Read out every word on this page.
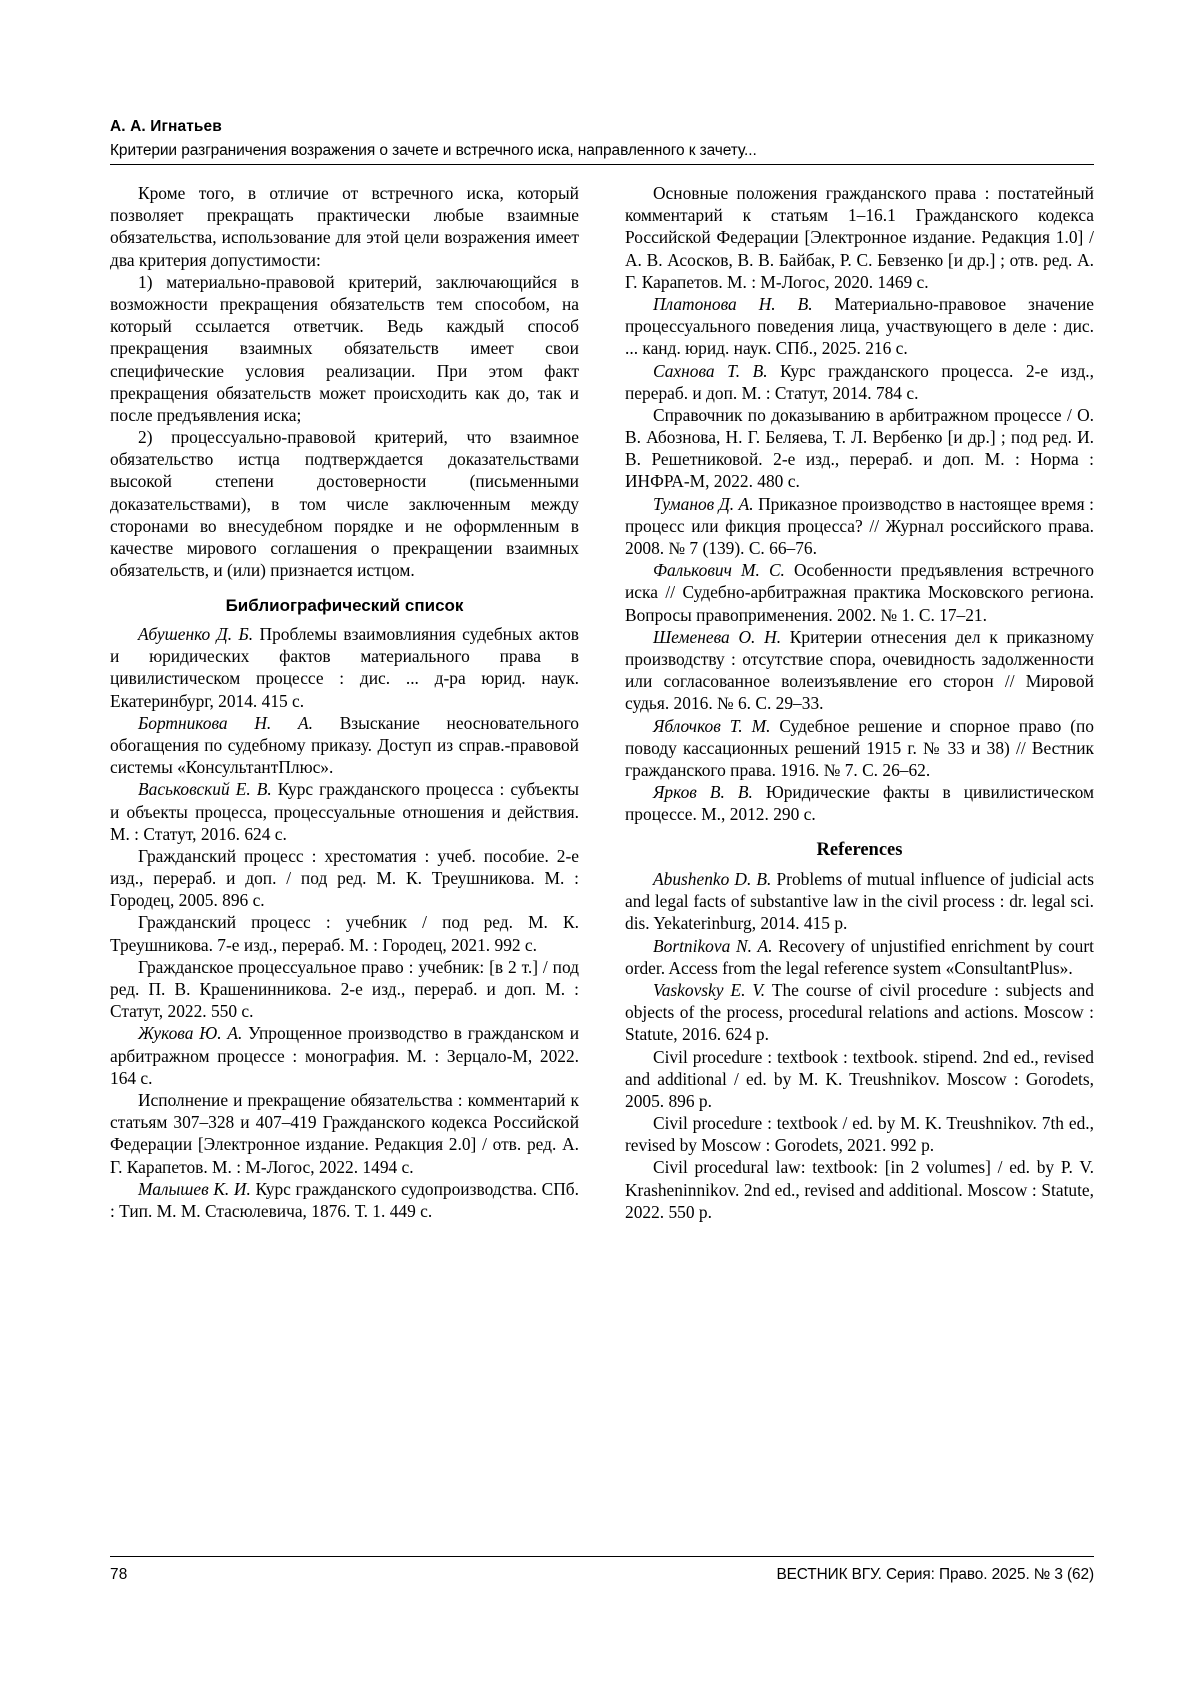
А. А. Игнатьев
Критерии разграничения возражения о зачете и встречного иска, направленного к зачету...

Кроме того, в отличие от встречного иска, который позволяет прекращать практически любые взаимные обязательства, использование для этой цели возражения имеет два критерия допустимости:

1) материально-правовой критерий, заключающийся в возможности прекращения обязательств тем способом, на который ссылается ответчик. Ведь каждый способ прекращения взаимных обязательств имеет свои специфические условия реализации. При этом факт прекращения обязательств может происходить как до, так и после предъявления иска;

2) процессуально-правовой критерий, что взаимное обязательство истца подтверждается доказательствами высокой степени достоверности (письменными доказательствами), в том числе заключенным между сторонами во внесудебном порядке и не оформленным в качестве мирового соглашения о прекращении взаимных обязательств, и (или) признается истцом.

Библиографический список

Абушенко Д. Б. Проблемы взаимовлияния судебных актов и юридических фактов материального права в цивилистическом процессе : дис. ... д-ра юрид. наук. Екатеринбург, 2014. 415 с.

Бортникова Н. А. Взыскание неосновательного обогащения по судебному приказу. Доступ из справ.-правовой системы «КонсультантПлюс».

Васьковский Е. В. Курс гражданского процесса : субъекты и объекты процесса, процессуальные отношения и действия. М. : Статут, 2016. 624 с.

Гражданский процесс : хрестоматия : учеб. пособие. 2-е изд., перераб. и доп. / под ред. М. К. Треушникова. М. : Городец, 2005. 896 с.

Гражданский процесс : учебник / под ред. М. К. Треушникова. 7-е изд., перераб. М. : Городец, 2021. 992 с.

Гражданское процессуальное право : учебник: [в 2 т.] / под ред. П. В. Крашенинникова. 2-е изд., перераб. и доп. М. : Статут, 2022. 550 с.

Жукова Ю. А. Упрощенное производство в гражданском и арбитражном процессе : монография. М. : Зерцало-М, 2022. 164 с.

Исполнение и прекращение обязательства : комментарий к статьям 307–328 и 407–419 Гражданского кодекса Российской Федерации [Электронное издание. Редакция 2.0] / отв. ред. А. Г. Карапетов. М. : М-Логос, 2022. 1494 с.

Малышев К. И. Курс гражданского судопроизводства. СПб. : Тип. М. М. Стасюлевича, 1876. Т. 1. 449 с.

Основные положения гражданского права : постатейный комментарий к статьям 1–16.1 Гражданского кодекса Российской Федерации [Электронное издание. Редакция 1.0] / А. В. Асосков, В. В. Байбак, Р. С. Бевзенко [и др.] ; отв. ред. А. Г. Карапетов. М. : М-Логос, 2020. 1469 с.

Платонова Н. В. Материально-правовое значение процессуального поведения лица, участвующего в деле : дис. ... канд. юрид. наук. СПб., 2025. 216 с.

Сахнова Т. В. Курс гражданского процесса. 2-е изд., перераб. и доп. М. : Статут, 2014. 784 с.

Справочник по доказыванию в арбитражном процессе / О. В. Абознова, Н. Г. Беляева, Т. Л. Вербенко [и др.] ; под ред. И. В. Решетниковой. 2-е изд., перераб. и доп. М. : Норма : ИНФРА-М, 2022. 480 с.

Туманов Д. А. Приказное производство в настоящее время : процесс или фикция процесса? // Журнал российского права. 2008. № 7 (139). С. 66–76.

Фалькович М. С. Особенности предъявления встречного иска // Судебно-арбитражная практика Московского региона. Вопросы правоприменения. 2002. № 1. С. 17–21.

Шеменева О. Н. Критерии отнесения дел к приказному производству : отсутствие спора, очевидность задолженности или согласованное волеизъявление его сторон // Мировой судья. 2016. № 6. С. 29–33.

Яблочков Т. М. Судебное решение и спорное право (по поводу кассационных решений 1915 г. № 33 и 38) // Вестник гражданского права. 1916. № 7. С. 26–62.

Ярков В. В. Юридические факты в цивилистическом процессе. М., 2012. 290 с.

References

Abushenko D. B. Problems of mutual influence of judicial acts and legal facts of substantive law in the civil process : dr. legal sci. dis. Yekaterinburg, 2014. 415 p.

Bortnikova N. A. Recovery of unjustified enrichment by court order. Access from the legal reference system «ConsultantPlus».

Vaskovsky E. V. The course of civil procedure : subjects and objects of the process, procedural relations and actions. Moscow : Statute, 2016. 624 p.

Civil procedure : textbook : textbook. stipend. 2nd ed., revised and additional / ed. by M. K. Treushnikov. Moscow : Gorodets, 2005. 896 p.

Civil procedure : textbook / ed. by M. K. Treushnikov. 7th ed., revised by Moscow : Gorodets, 2021. 992 p.

Civil procedural law: textbook: [in 2 volumes] / ed. by P. V. Krasheninnikov. 2nd ed., revised and additional. Moscow : Statute, 2022. 550 p.

78	ВЕСТНИК ВГУ. Серия: Право. 2025. № 3 (62)
